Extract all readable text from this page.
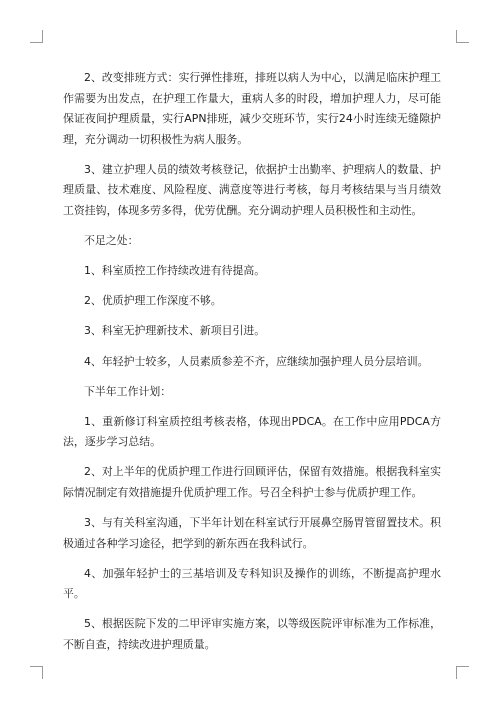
2、改变排班方式：实行弹性排班，排班以病人为中心，以满足临床护理工作需要为出发点，在护理工作量大，重病人多的时段，增加护理人力，尽可能保证夜间护理质量，实行APN排班，减少交班环节，实行24小时连续无缝隙护理，充分调动一切积极性为病人服务。

3、建立护理人员的绩效考核登记，依据护士出勤率、护理病人的数量、护理质量、技术难度、风险程度、满意度等进行考核，每月考核结果与当月绩效工资挂钩，体现多劳多得，优劳优酬。充分调动护理人员积极性和主动性。

不足之处：

1、科室质控工作持续改进有待提高。

2、优质护理工作深度不够。

3、科室无护理新技术、新项目引进。

4、年轻护士较多，人员素质参差不齐，应继续加强护理人员分层培训。

下半年工作计划：

1、重新修订科室质控组考核表格，体现出PDCA。在工作中应用PDCA方法，逐步学习总结。

2、对上半年的优质护理工作进行回顾评估，保留有效措施。根据我科室实际情况制定有效措施提升优质护理工作。号召全科护士参与优质护理工作。

3、与有关科室沟通，下半年计划在科室试行开展鼻空肠胃管留置技术。积极通过各种学习途径，把学到的新东西在我科试行。

4、加强年轻护士的三基培训及专科知识及操作的训练，不断提高护理水平。

5、根据医院下发的二甲评审实施方案，以等级医院评审标准为工作标准，不断自查，持续改进护理质量。
